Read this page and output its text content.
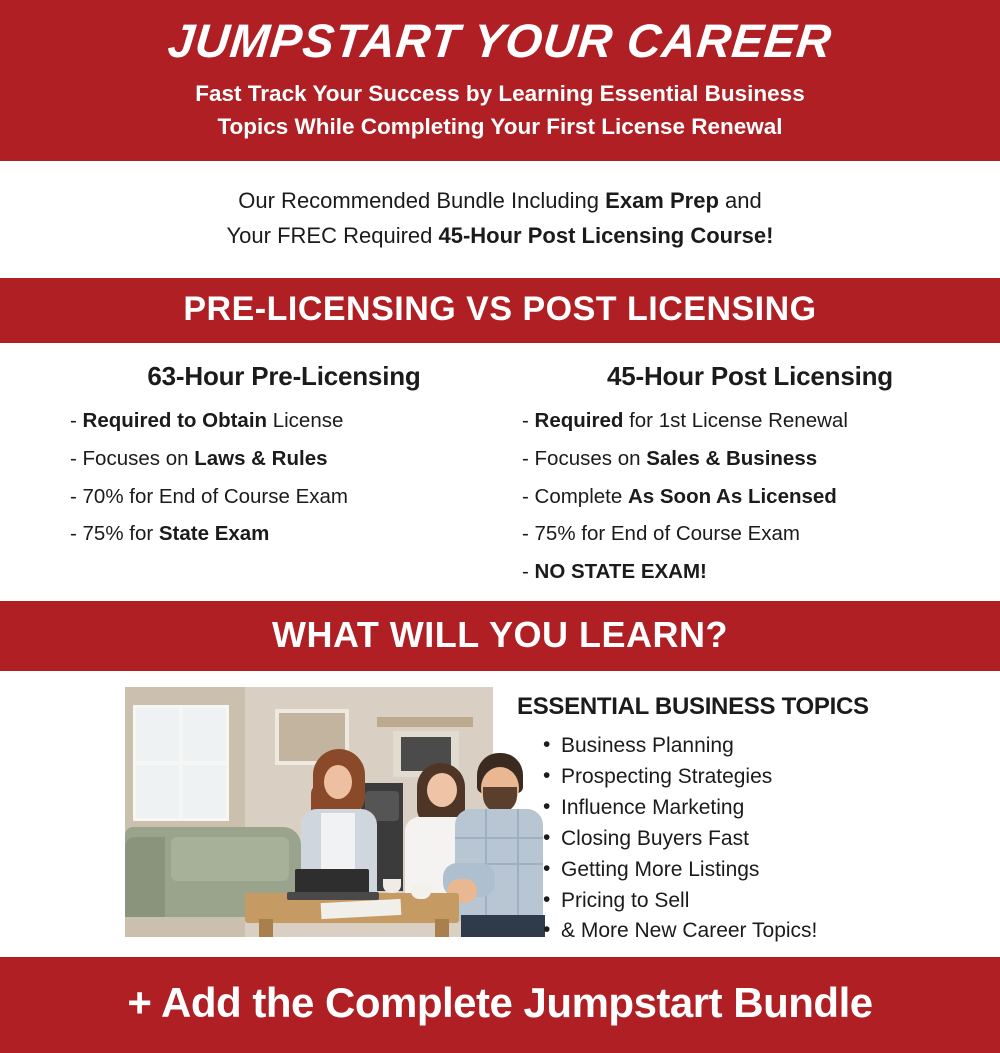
JUMPSTART YOUR CAREER
Fast Track Your Success by Learning Essential Business
Topics While Completing Your First License Renewal
Our Recommended Bundle Including Exam Prep and
Your FREC Required 45-Hour Post Licensing Course!
PRE-LICENSING VS POST LICENSING
63-Hour Pre-Licensing
- Required to Obtain License
- Focuses on Laws & Rules
- 70% for End of Course Exam
- 75% for State Exam
45-Hour Post Licensing
- Required for 1st License Renewal
- Focuses on Sales & Business
- Complete As Soon As Licensed
- 75% for End of Course Exam
- NO STATE EXAM!
WHAT WILL YOU LEARN?
ESSENTIAL BUSINESS TOPICS
• Business Planning
• Prospecting Strategies
• Influence Marketing
• Closing Buyers Fast
• Getting More Listings
• Pricing to Sell
• & More New Career Topics!
+ Add the Complete Jumpstart Bundle
